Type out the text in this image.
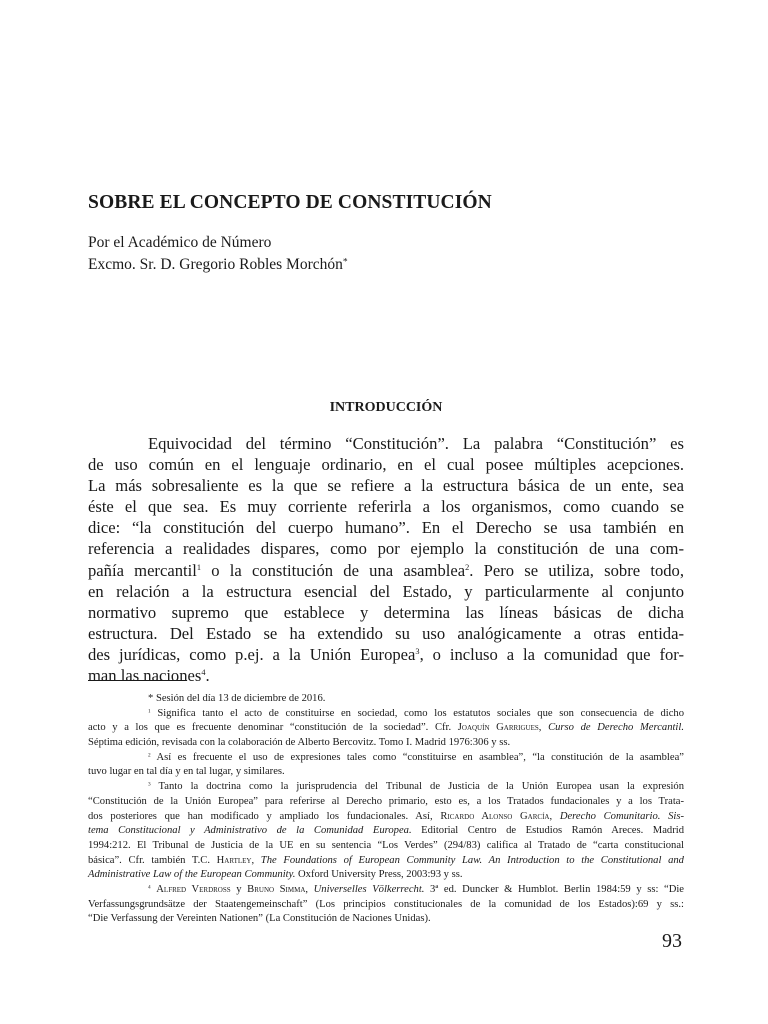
SOBRE EL CONCEPTO DE CONSTITUCIÓN
Por el Académico de Número
Excmo. Sr. D. Gregorio Robles Morchón*
INTRODUCCIÓN
Equivocidad del término “Constitución”. La palabra “Constitución” es
de uso común en el lenguaje ordinario, en el cual posee múltiples acepciones.
La más sobresaliente es la que se refiere a la estructura básica de un ente, sea
éste el que sea. Es muy corriente referirla a los organismos, como cuando se
dice: “la constitución del cuerpo humano”. En el Derecho se usa también en
referencia a realidades dispares, como por ejemplo la constitución de una com-
pañía mercantil$^1$ o la constitución de una asamblea$^2$. Pero se utiliza, sobre todo,
en relación a la estructura esencial del Estado, y particularmente al conjunto
normativo supremo que establece y determina las líneas básicas de dicha
estructura. Del Estado se ha extendido su uso analógicamente a otras entida-
des jurídicas, como p.ej. a la Unión Europea$^3$, o incluso a la comunidad que for-
man las naciones$^4$.
* Sesión del día 13 de diciembre de 2016.
$^1$ Significa tanto el acto de constituirse en sociedad, como los estatutos sociales que son consecuencia de dicho
acto y a los que es frecuente denominar “constitución de la sociedad”. Cfr. Joaquín Garrigues, Curso de Derecho Mercantil.
Séptima edición, revisada con la colaboración de Alberto Bercovitz. Tomo I. Madrid 1976:306 y ss.
$^2$ Así es frecuente el uso de expresiones tales como “constituirse en asamblea”, “la constitución de la asamblea”
tuvo lugar en tal día y en tal lugar, y similares.
$^3$ Tanto la doctrina como la jurisprudencia del Tribunal de Justicia de la Unión Europea usan la expresión
“Constitución de la Unión Europea” para referirse al Derecho primario, esto es, a los Tratados fundacionales y a los Trata-
dos posteriores que han modificado y ampliado los fundacionales. Así, Ricardo Alonso García, Derecho Comunitario. Sis-
tema Constitucional y Administrativo de la Comunidad Europea. Editorial Centro de Estudios Ramón Areces. Madrid
1994:212. El Tribunal de Justicia de la UE en su sentencia “Los Verdes” (294/83) califica al Tratado de “carta constitucional
básica”. Cfr. también T.C. Hartley, The Foundations of European Community Law. An Introduction to the Constitutional and
Administrative Law of the European Community. Oxford University Press, 2003:93 y ss.
$^4$ Alfred Verdross y Bruno Simma, Universelles Völkerrecht. 3ª ed. Duncker & Humblot. Berlin 1984:59 y ss: “Die
Verfassungsgrundsätze der Staatengemeinschaft” (Los principios constitucionales de la comunidad de los Estados):69 y ss.:
“Die Verfassung der Vereinten Nationen” (La Constitución de Naciones Unidas).
93
